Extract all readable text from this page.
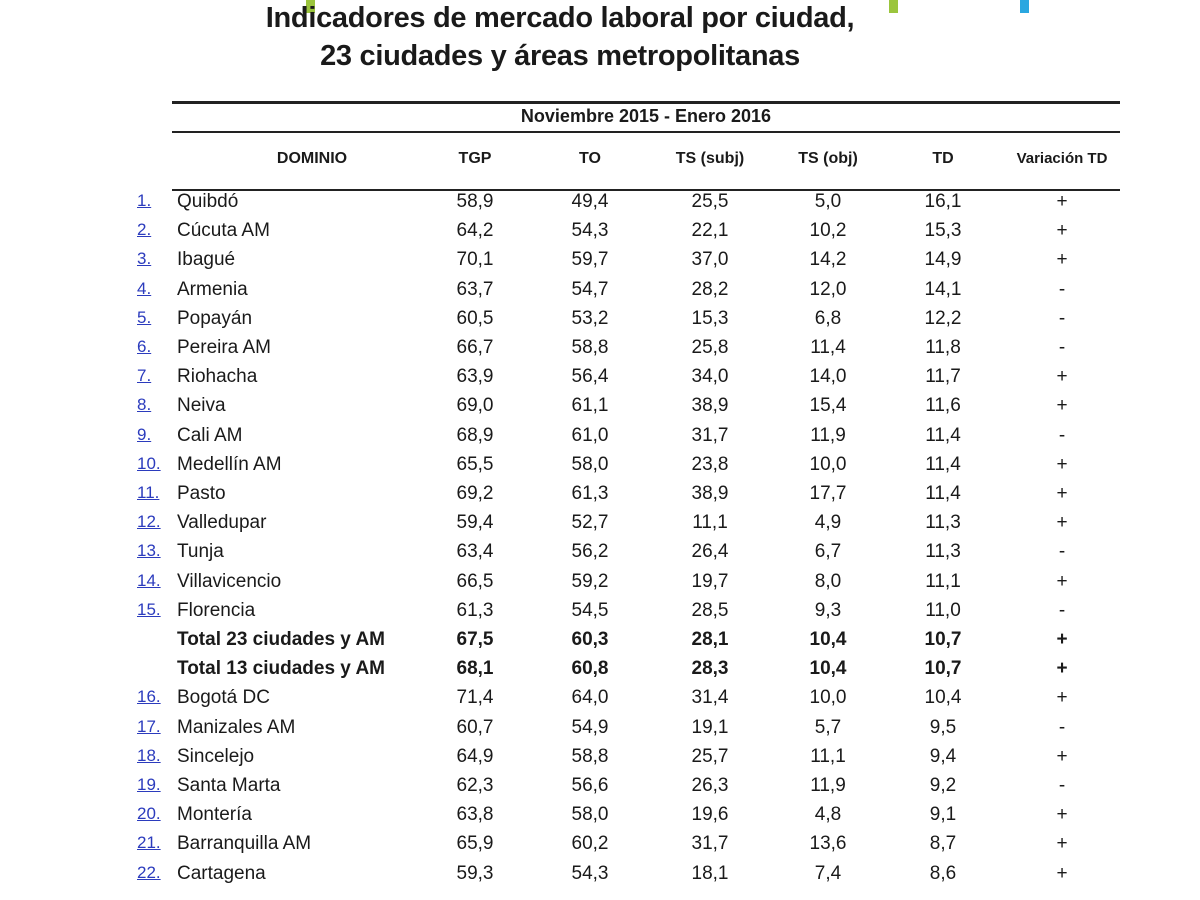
Indicadores de mercado laboral por ciudad,
23 ciudades y áreas metropolitanas
Noviembre 2015 - Enero 2016
DOMINIO	TGP	TO	TS (subj)	TS (obj)	TD	Variación TD
1. Quibdó	58,9	49,4	25,5	5,0	16,1	+
2. Cúcuta AM	64,2	54,3	22,1	10,2	15,3	+
3. Ibagué	70,1	59,7	37,0	14,2	14,9	+
4. Armenia	63,7	54,7	28,2	12,0	14,1	-
5. Popayán	60,5	53,2	15,3	6,8	12,2	-
6. Pereira AM	66,7	58,8	25,8	11,4	11,8	-
7. Riohacha	63,9	56,4	34,0	14,0	11,7	+
8. Neiva	69,0	61,1	38,9	15,4	11,6	+
9. Cali AM	68,9	61,0	31,7	11,9	11,4	-
10. Medellín AM	65,5	58,0	23,8	10,0	11,4	+
11. Pasto	69,2	61,3	38,9	17,7	11,4	+
12. Valledupar	59,4	52,7	11,1	4,9	11,3	+
13. Tunja	63,4	56,2	26,4	6,7	11,3	-
14. Villavicencio	66,5	59,2	19,7	8,0	11,1	+
15. Florencia	61,3	54,5	28,5	9,3	11,0	-
Total 23 ciudades y AM	67,5	60,3	28,1	10,4	10,7	+
Total 13 ciudades y AM	68,1	60,8	28,3	10,4	10,7	+
16. Bogotá DC	71,4	64,0	31,4	10,0	10,4	+
17. Manizales AM	60,7	54,9	19,1	5,7	9,5	-
18. Sincelejo	64,9	58,8	25,7	11,1	9,4	+
19. Santa Marta	62,3	56,6	26,3	11,9	9,2	-
20. Montería	63,8	58,0	19,6	4,8	9,1	+
21. Barranquilla AM	65,9	60,2	31,7	13,6	8,7	+
22. Cartagena	59,3	54,3	18,1	7,4	8,6	+
